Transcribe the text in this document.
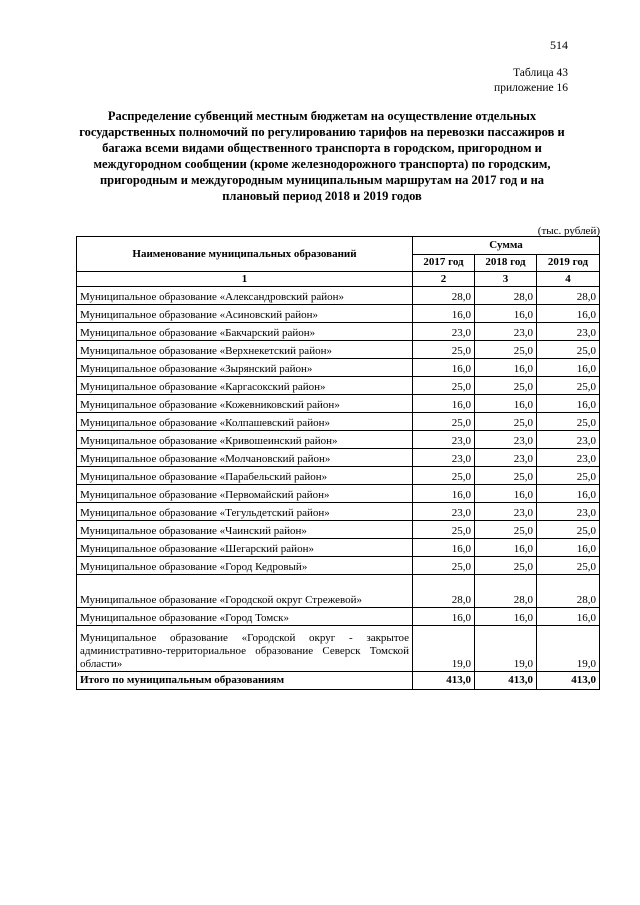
514
Таблица 43
приложение 16

Распределение субвенций местным бюджетам на осуществление отдельных государственных полномочий по регулированию тарифов на перевозки пассажиров и багажа всеми видами общественного транспорта в городском, пригородном и междугородном сообщении (кроме железнодорожного транспорта) по городским, пригородным и междугородным муниципальным маршрутам на 2017 год и на плановый период 2018 и 2019 годов

(тыс. рублей)
Наименование муниципальных образований	Сумма		
	2017 год	2018 год	2019 год
1	2	3	4
Муниципальное образование «Александровский район»	28,0	28,0	28,0
Муниципальное образование «Асиновский район»	16,0	16,0	16,0
Муниципальное образование «Бакчарский район»	23,0	23,0	23,0
Муниципальное образование «Верхнекетский район»	25,0	25,0	25,0
Муниципальное образование «Зырянский район»	16,0	16,0	16,0
Муниципальное образование «Каргасокский район»	25,0	25,0	25,0
Муниципальное образование «Кожевниковский район»	16,0	16,0	16,0
Муниципальное образование «Колпашевский район»	25,0	25,0	25,0
Муниципальное образование «Кривошеинский район»	23,0	23,0	23,0
Муниципальное образование «Молчановский район»	23,0	23,0	23,0
Муниципальное образование «Парабельский район»	25,0	25,0	25,0
Муниципальное образование «Первомайский район»	16,0	16,0	16,0
Муниципальное образование «Тегульдетский район»	23,0	23,0	23,0
Муниципальное образование «Чаинский район»	25,0	25,0	25,0
Муниципальное образование «Шегарский район»	16,0	16,0	16,0
Муниципальное образование «Город Кедровый»	25,0	25,0	25,0
Муниципальное образование «Городской округ Стрежевой»	28,0	28,0	28,0
Муниципальное образование «Город Томск»	16,0	16,0	16,0
Муниципальное образование «Городской округ - закрытое административно-территориальное образование Северск Томской области»	19,0	19,0	19,0
Итого по муниципальным образованиям	413,0	413,0	413,0
